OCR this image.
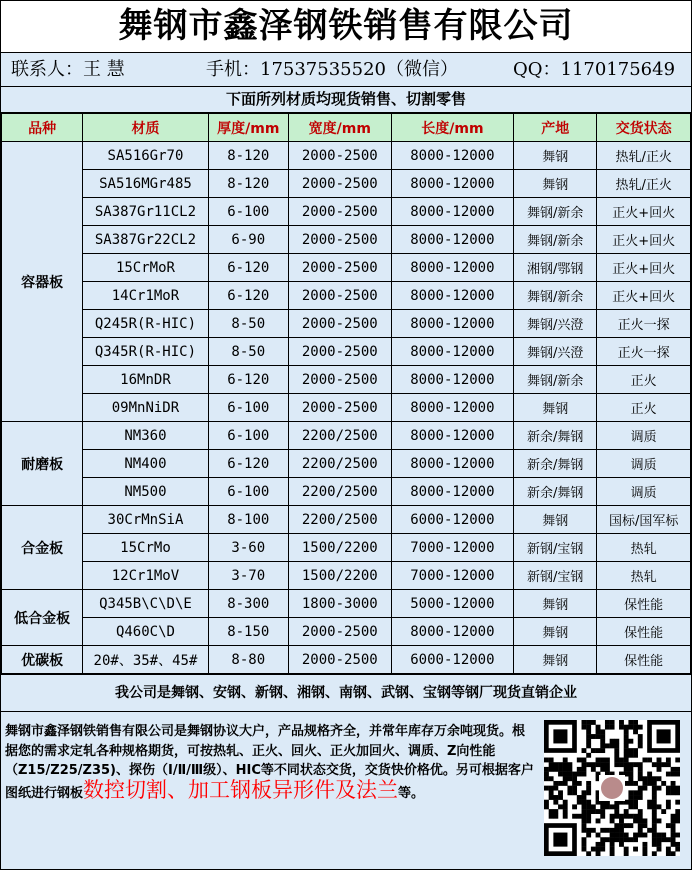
舞钢市鑫泽钢铁销售有限公司
联系人：王 慧	手机：17537535520（微信）	QQ：1170175649
下面所列材质均现货销售、切割零售
品种	材质	厚度/mm	宽度/mm	长度/mm	产地	交货状态
容器板	SA516Gr70	8-120	2000-2500	8000-12000	舞钢	热轧/正火
	SA516MGr485	8-120	2000-2500	8000-12000	舞钢	热轧/正火
	SA387Gr11CL2	6-100	2000-2500	8000-12000	舞钢/新余	正火+回火
	SA387Gr22CL2	6-90	2000-2500	8000-12000	舞钢/新余	正火+回火
	15CrMoR	6-120	2000-2500	8000-12000	湘钢/鄂钢	正火+回火
	14Cr1MoR	6-120	2000-2500	8000-12000	舞钢/新余	正火+回火
	Q245R(R-HIC)	8-50	2000-2500	8000-12000	舞钢/兴澄	正火一探
	Q345R(R-HIC)	8-50	2000-2500	8000-12000	舞钢/兴澄	正火一探
	16MnDR	6-120	2000-2500	8000-12000	舞钢/新余	正火
	09MnNiDR	6-100	2000-2500	8000-12000	舞钢	正火
耐磨板	NM360	6-100	2200/2500	8000-12000	新余/舞钢	调质
	NM400	6-120	2200/2500	8000-12000	新余/舞钢	调质
	NM500	6-100	2200/2500	8000-12000	新余/舞钢	调质
合金板	30CrMnSiA	8-100	2200/2500	6000-12000	舞钢	国标/国军标
	15CrMo	3-60	1500/2200	7000-12000	新钢/宝钢	热轧
	12Cr1MoV	3-70	1500/2200	7000-12000	新钢/宝钢	热轧
低合金板	Q345B\C\D\E	8-300	1800-3000	5000-12000	舞钢	保性能
	Q460C\D	8-150	2000-2500	8000-12000	舞钢	保性能
优碳板	20#、35#、45#	8-80	2000-2500	6000-12000	舞钢	保性能
我公司是舞钢、安钢、新钢、湘钢、南钢、武钢、宝钢等钢厂现货直销企业
舞钢市鑫泽钢铁销售有限公司是舞钢协议大户，产品规格齐全，并常年库存万余吨现货。根据您的需求定轧各种规格期货，可按热轧、正火、回火、正火加回火、调质、Z向性能（Z15/Z25/Z35)、探伤（Ⅰ/Ⅱ/Ⅲ级）、HIC等不同状态交货，交货快价格优。另可根据客户图纸进行钢板数控切割、加工钢板异形件及法兰等。
